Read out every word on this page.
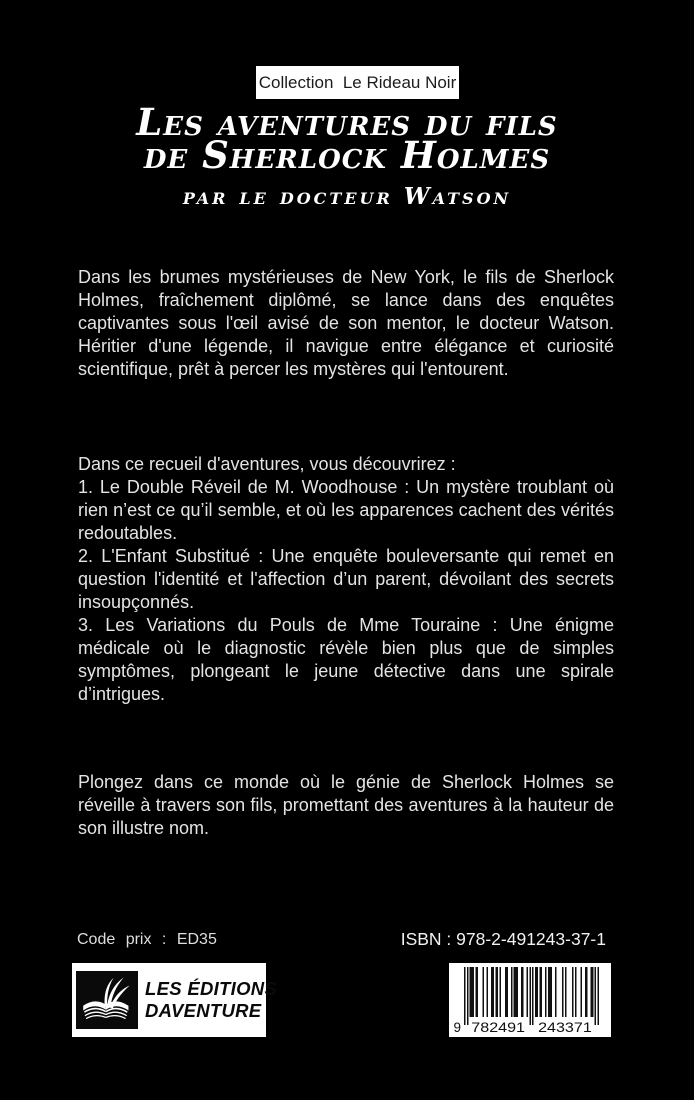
Collection  Le Rideau Noir
Les aventures du fils
de Sherlock Holmes
par le docteur Watson

Dans les brumes mystérieuses de New York, le fils de Sherlock Holmes, fraîchement diplômé, se lance dans des enquêtes captivantes sous l'œil avisé de son mentor, le docteur Watson. Héritier d'une légende, il navigue entre élégance et curiosité scientifique, prêt à percer les mystères qui l'entourent.

Dans ce recueil d'aventures, vous découvrirez :

1. Le Double Réveil de M. Woodhouse : Un mystère troublant où rien n’est ce qu’il semble, et où les apparences cachent des vérités redoutables.

2. L'Enfant Substitué : Une enquête bouleversante qui remet en question l'identité et l'affection d’un parent, dévoilant des secrets insoupçonnés.

3. Les Variations du Pouls de Mme Touraine : Une énigme médicale où le diagnostic révèle bien plus que de simples symptômes, plongeant le jeune détective dans une spirale d’intrigues.

Plongez dans ce monde où le génie de Sherlock Holmes se réveille à travers son fils, promettant des aventures à la hauteur de son illustre nom.

Code prix : ED35	ISBN : 978-2-491243-37-1
LES ÉDITIONS
DAVENTURE
9 782491 243371
